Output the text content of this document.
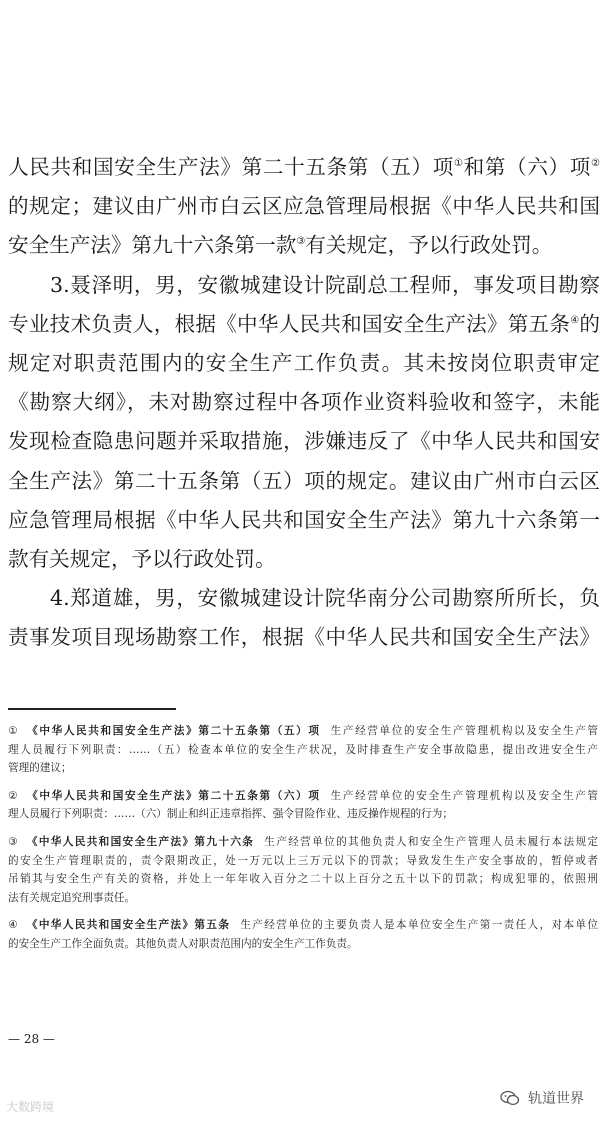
人民共和国安全生产法》第二十五条第（五）项①和第（六）项②
的规定；建议由广州市白云区应急管理局根据《中华人民共和国
安全生产法》第九十六条第一款③有关规定，予以行政处罚。
3.聂泽明，男，安徽城建设计院副总工程师，事发项目勘察
专业技术负责人，根据《中华人民共和国安全生产法》第五条④的
规定对职责范围内的安全生产工作负责。其未按岗位职责审定
《勘察大纲》，未对勘察过程中各项作业资料验收和签字，未能
发现检查隐患问题并采取措施，涉嫌违反了《中华人民共和国安
全生产法》第二十五条第（五）项的规定。建议由广州市白云区
应急管理局根据《中华人民共和国安全生产法》第九十六条第一
款有关规定，予以行政处罚。
4.郑道雄，男，安徽城建设计院华南分公司勘察所所长，负
责事发项目现场勘察工作，根据《中华人民共和国安全生产法》
① 《中华人民共和国安全生产法》第二十五条第（五）项 生产经营单位的安全生产管理机构以及安全生产管
理人员履行下列职责：……（五）检查本单位的安全生产状况，及时排查生产安全事故隐患，提出改进安全生产
管理的建议；
② 《中华人民共和国安全生产法》第二十五条第（六）项 生产经营单位的安全生产管理机构以及安全生产管
理人员履行下列职责：……（六）制止和纠正违章指挥、强令冒险作业、违反操作规程的行为；
③ 《中华人民共和国安全生产法》第九十六条 生产经营单位的其他负责人和安全生产管理人员未履行本法规定
的安全生产管理职责的，责令限期改正，处一万元以上三万元以下的罚款；导致发生生产安全事故的，暂停或者
吊销其与安全生产有关的资格，并处上一年年收入百分之二十以上百分之五十以下的罚款；构成犯罪的，依照刑
法有关规定追究刑事责任。
④ 《中华人民共和国安全生产法》第五条 生产经营单位的主要负责人是本单位安全生产第一责任人，对本单位
的安全生产工作全面负责。其他负责人对职责范围内的安全生产工作负责。
— 28 —
大数跨境	轨道世界
